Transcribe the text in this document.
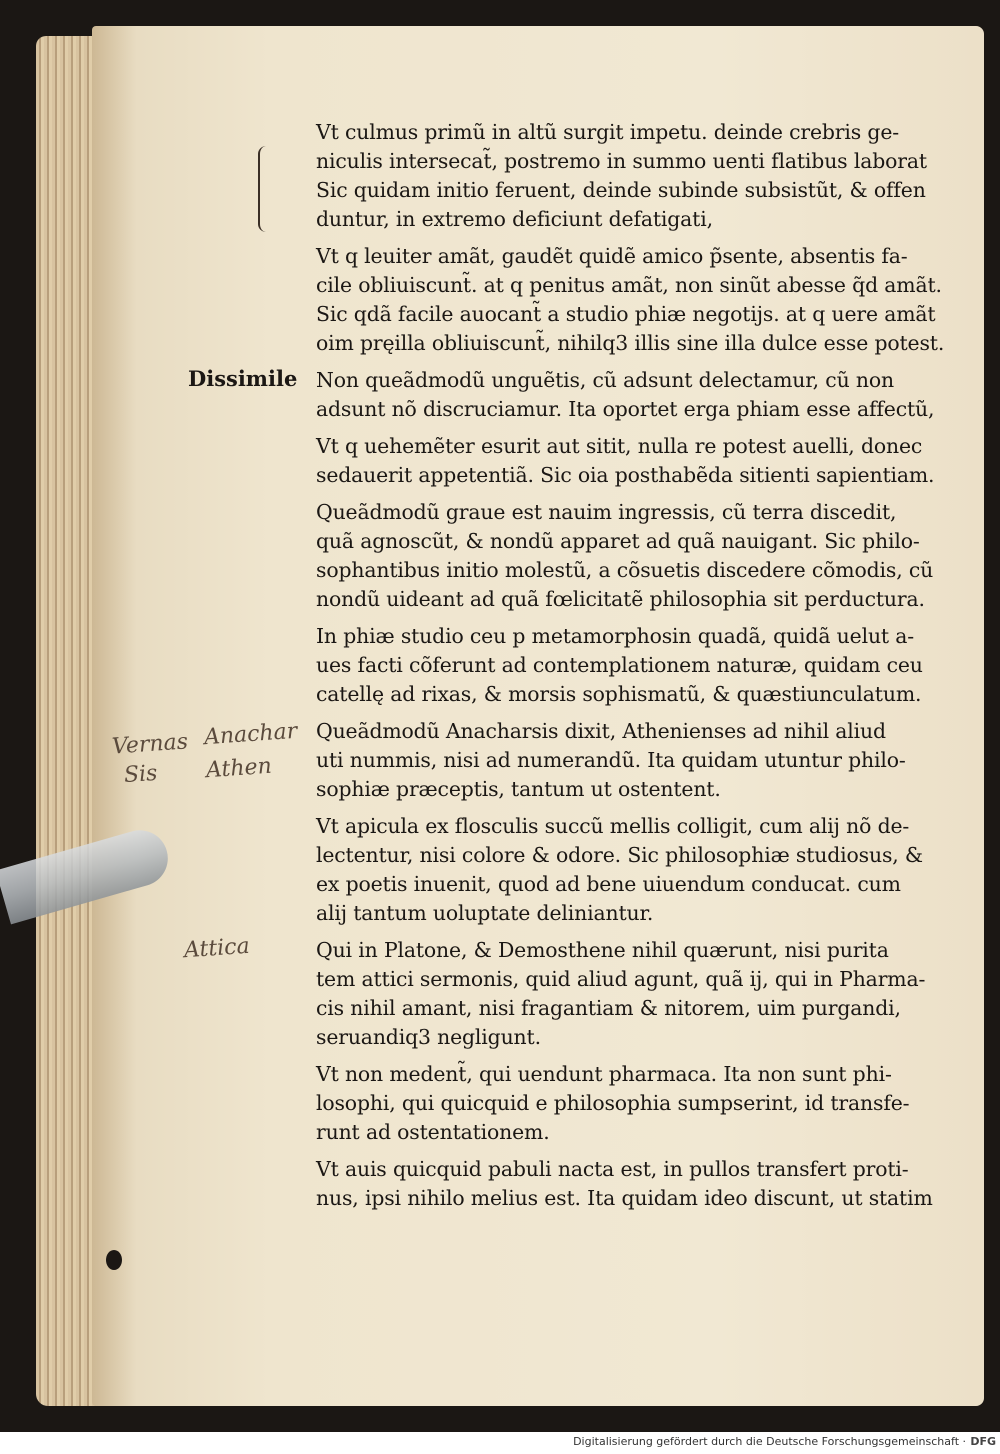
Dissimile
Vernas
Sis
Anachar
Athen
Attica
Vt culmus primũ in altũ surgit impetu. deinde crebris ge-
niculis intersecat̃, postremo in summo uenti flatibus laborat
Sic quidam initio feruent, deinde subinde subsistũt, & offen
duntur, in extremo deficiunt defatigati,
Vt q leuiter amãt, gaudẽt quidẽ amico p̃sente, absentis fa-
cile obliuiscunt̃. at q penitus amãt, non sinũt abesse q̃d amãt.
Sic qdã facile auocant̃ a studio phiæ negotijs. at q uere amãt
oim pręilla obliuiscunt̃, nihilq3 illis sine illa dulce esse potest.
Non queãdmodũ unguẽtis, cũ adsunt delectamur, cũ non
adsunt nõ discruciamur. Ita oportet erga phiam esse affectũ,
Vt q uehemẽter esurit aut sitit, nulla re potest auelli, donec
sedauerit appetentiã. Sic oia posthabẽda sitienti sapientiam.
Queãdmodũ graue est nauim ingressis, cũ terra discedit,
quã agnoscũt, & nondũ apparet ad quã nauigant. Sic philo-
sophantibus initio molestũ, a cõsuetis discedere cõmodis, cũ
nondũ uideant ad quã fœlicitatẽ philosophia sit perductura.
In phiæ studio ceu p metamorphosin quadã, quidã uelut a-
ues facti cõferunt ad contemplationem naturæ, quidam ceu
catellę ad rixas, & morsis sophismatũ, & quæstiunculatum.
Queãdmodũ Anacharsis dixit, Athenienses ad nihil aliud
uti nummis, nisi ad numerandũ. Ita quidam utuntur philo-
sophiæ præceptis, tantum ut ostentent.
Vt apicula ex flosculis succũ mellis colligit, cum alij nõ de-
lectentur, nisi colore & odore. Sic philosophiæ studiosus, &
ex poetis inuenit, quod ad bene uiuendum conducat. cum
alij tantum uoluptate deliniantur.
Qui in Platone, & Demosthene nihil quærunt, nisi purita
tem attici sermonis, quid aliud agunt, quã ij, qui in Pharma-
cis nihil amant, nisi fragantiam & nitorem, uim purgandi,
seruandiq3 negligunt.
Vt non medent̃, qui uendunt pharmaca. Ita non sunt phi-
losophi, qui quicquid e philosophia sumpserint, id transfe-
runt ad ostentationem.
Vt auis quicquid pabuli nacta est, in pullos transfert proti-
nus, ipsi nihilo melius est. Ita quidam ideo discunt, ut statim
Digitalisierung gefördert durch die Deutsche Forschungsgemeinschaft · DFG
